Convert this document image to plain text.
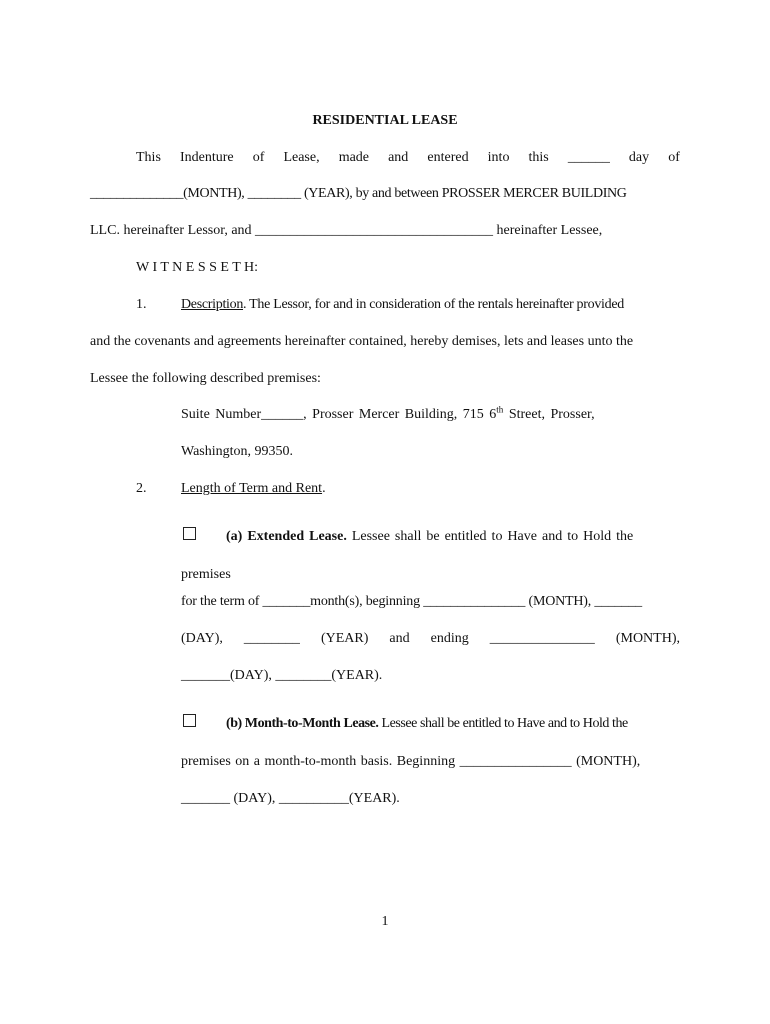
RESIDENTIAL LEASE
This Indenture of Lease, made and entered into this ______ day of
______________(MONTH), ________ (YEAR), by and between PROSSER MERCER BUILDING
LLC. hereinafter Lessor, and __________________________________ hereinafter Lessee,
W I T N E S S E T H:
1. Description. The Lessor, for and in consideration of the rentals hereinafter provided
and the covenants and agreements hereinafter contained, hereby demises, lets and leases unto the
Lessee the following described premises:
Suite Number______, Prosser Mercer Building, 715 6th Street, Prosser,
Washington, 99350.
2. Length of Term and Rent.
(a) Extended Lease. Lessee shall be entitled to Have and to Hold the
premises
for the term of _______month(s), beginning _______________ (MONTH), _______
(DAY), ________ (YEAR) and ending _______________ (MONTH),
_______(DAY), ________(YEAR).
(b) Month-to-Month Lease. Lessee shall be entitled to Have and to Hold the
premises on a month-to-month basis. Beginning ________________ (MONTH),
_______ (DAY), __________(YEAR).
1
